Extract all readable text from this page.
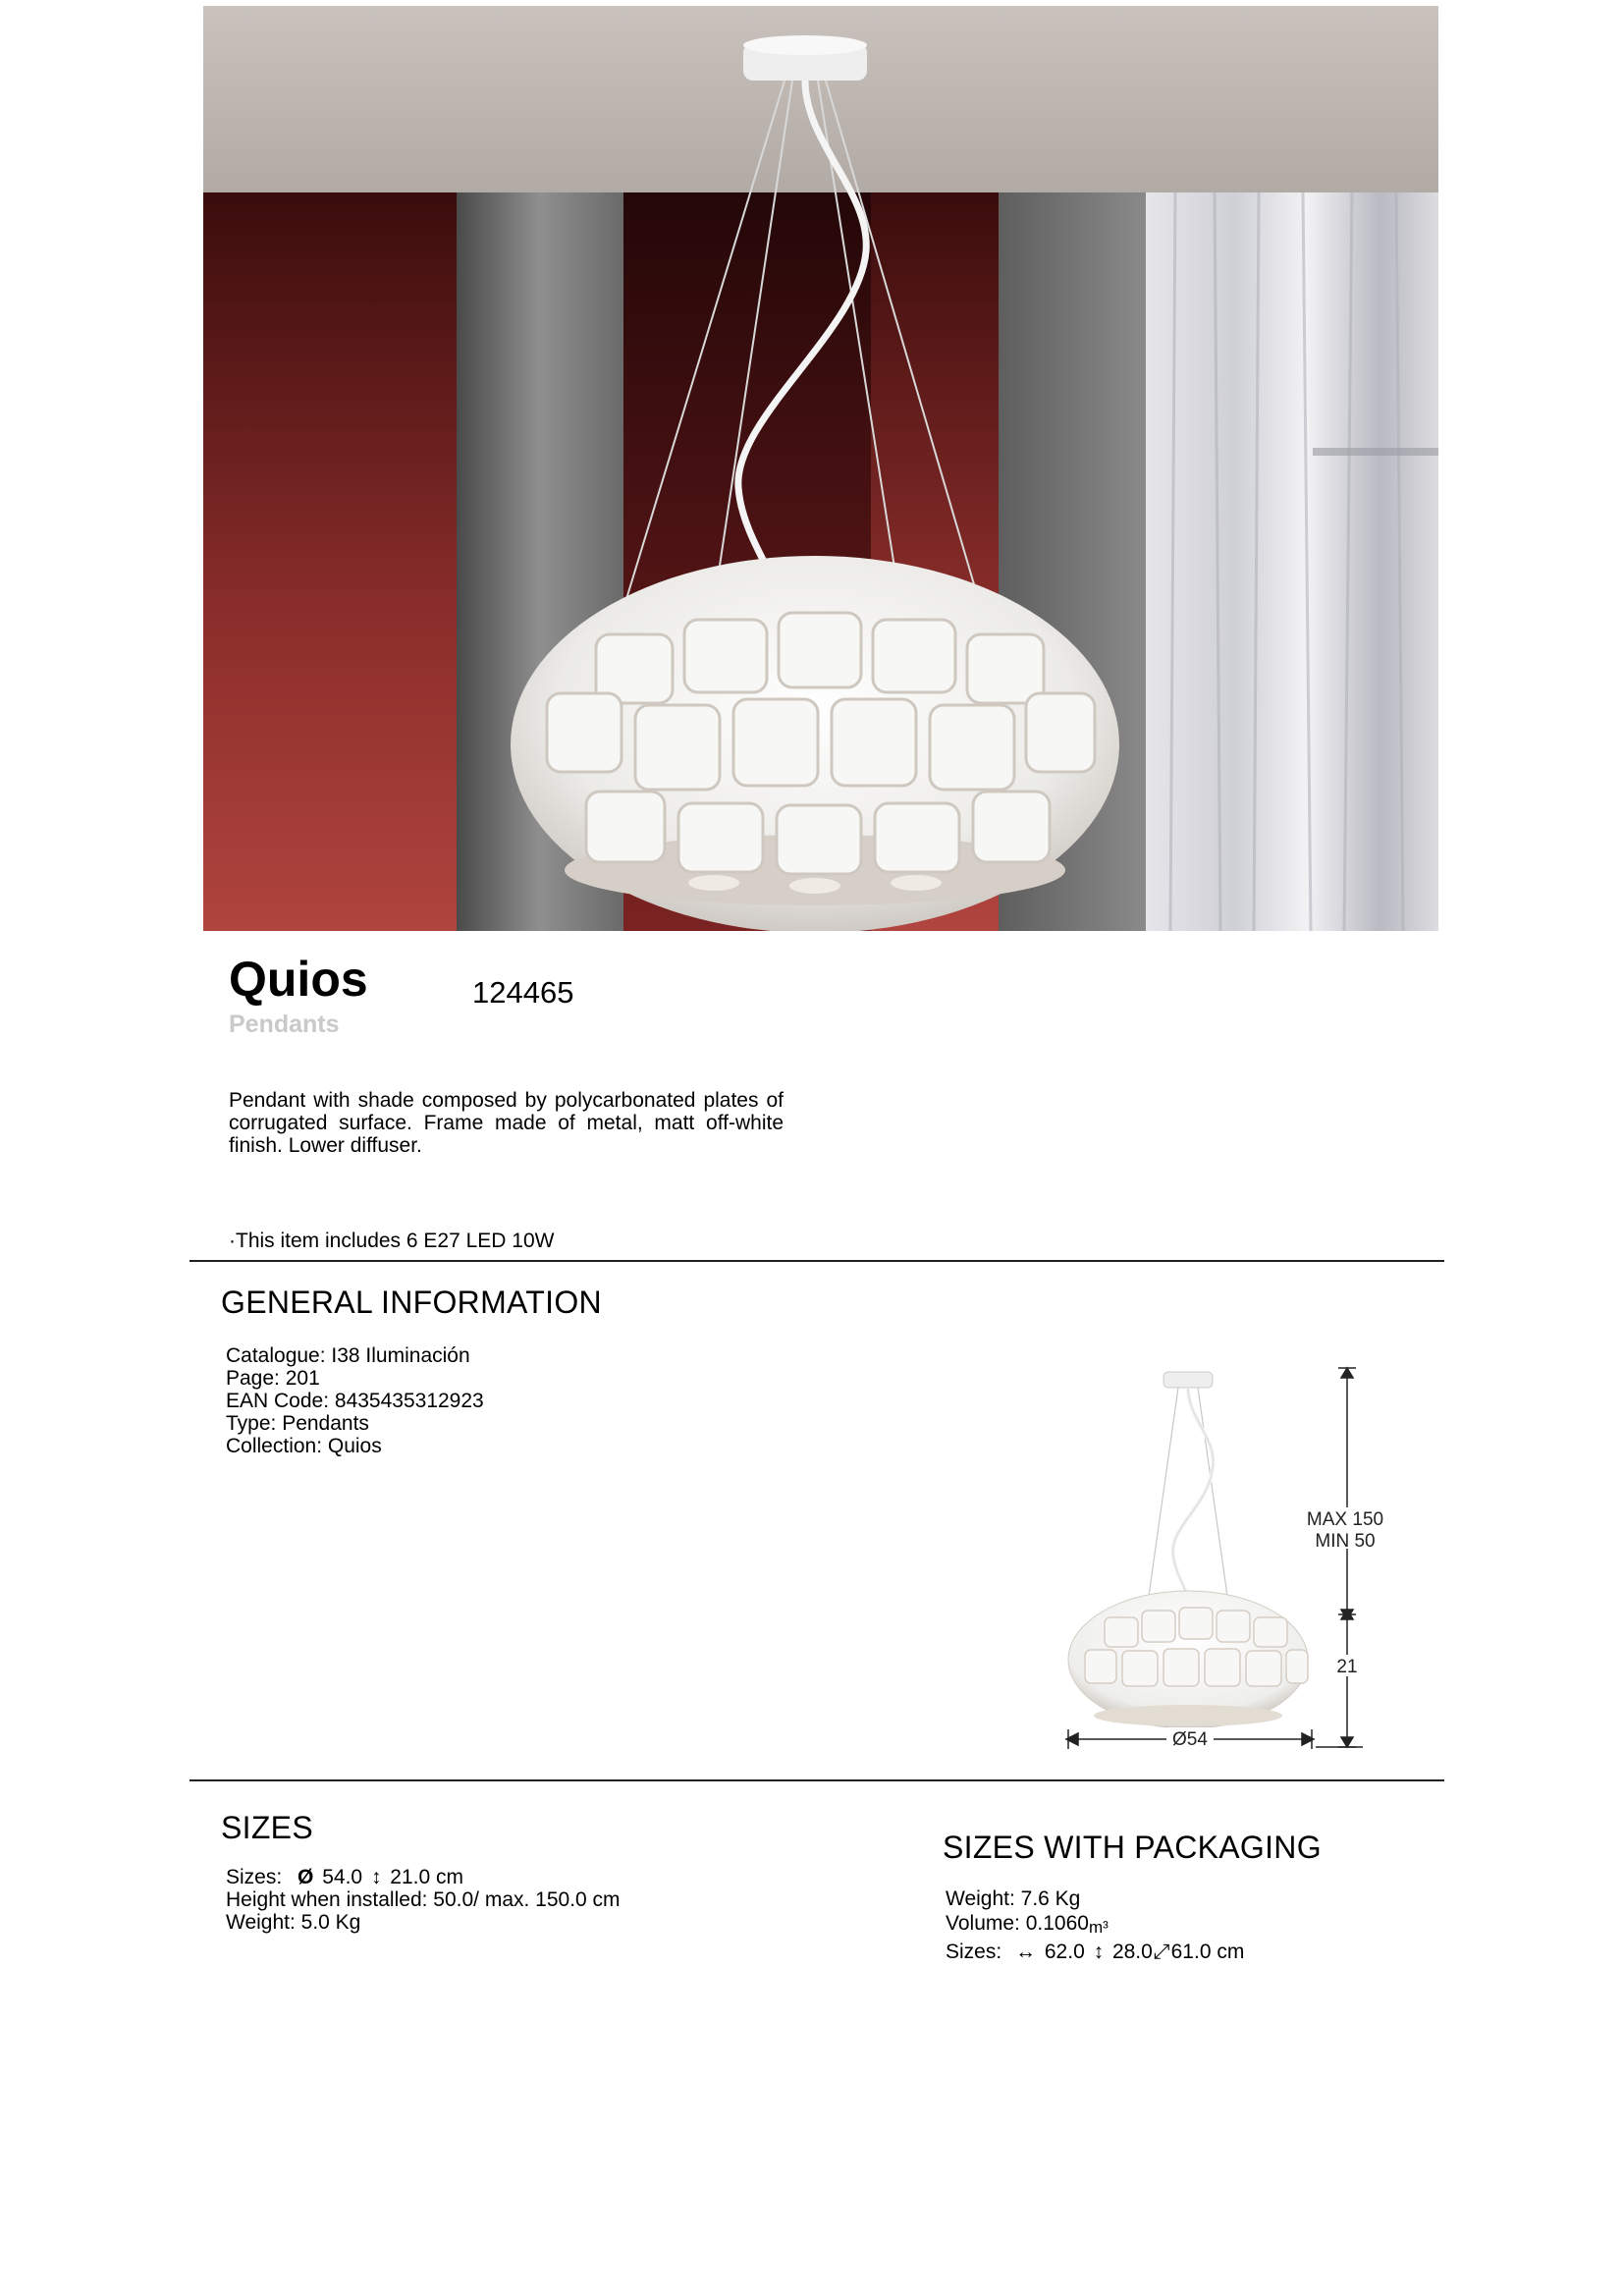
Quios	124465
Pendants
Pendant with shade composed by polycarbonated plates of corrugated surface. Frame made of metal, matt off-white finish. Lower diffuser.
·This item includes 6 E27 LED 10W
GENERAL INFORMATION
Catalogue: I38 Iluminación
Page: 201
EAN Code: 8435435312923
Type: Pendants
Collection: Quios
MAX 150
MIN 50
21
Ø54
SIZES
Sizes: Ø 54.0 ↕ 21.0 cm
Height when installed: 50.0/ max. 150.0 cm
Weight: 5.0 Kg
SIZES WITH PACKAGING
Weight: 7.6 Kg
Volume: 0.1060m³
Sizes: ↔ 62.0 ↕ 28.0⤢61.0 cm
